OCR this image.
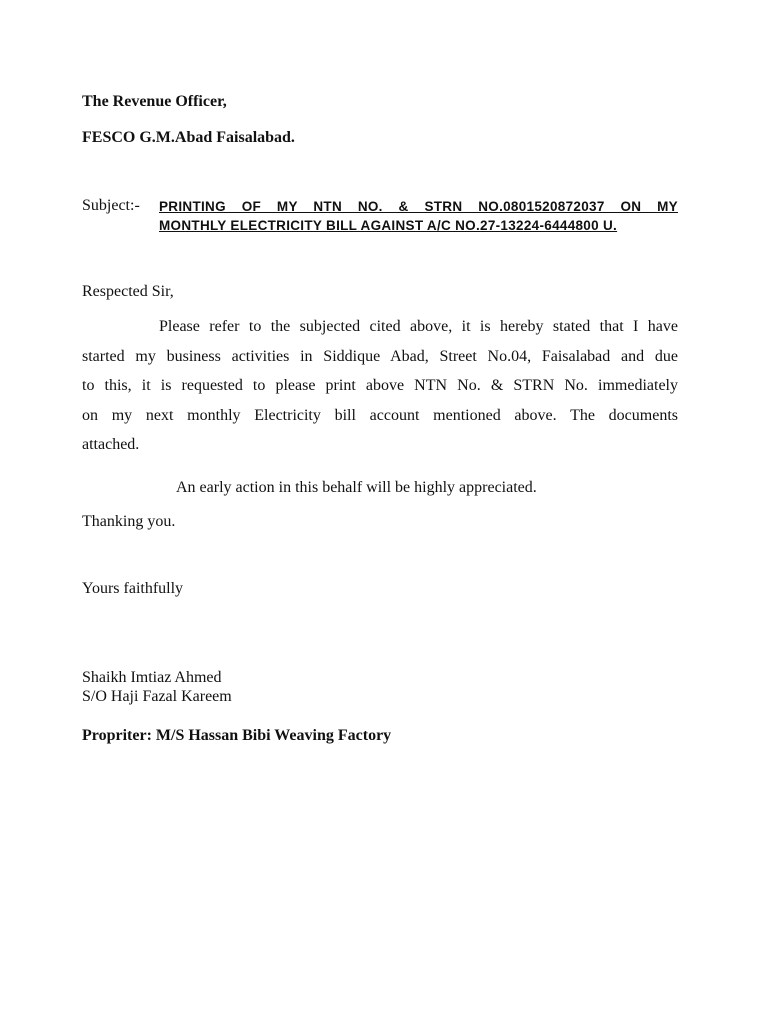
The Revenue Officer,
FESCO G.M.Abad Faisalabad.
Subject:- PRINTING OF MY NTN NO. & STRN NO.0801520872037 ON MY
MONTHLY ELECTRICITY BILL AGAINST A/C NO.27-13224-6444800 U.
Respected Sir,
Please refer to the subjected cited above, it is hereby stated that I have
started my business activities in Siddique Abad, Street No.04, Faisalabad and due
to this, it is requested to please print above NTN No. & STRN No. immediately
on my next monthly Electricity bill account mentioned above. The documents
attached.
An early action in this behalf will be highly appreciated.
Thanking you.
Yours faithfully
Shaikh Imtiaz Ahmed
S/O Haji Fazal Kareem
Propriter: M/S Hassan Bibi Weaving Factory
